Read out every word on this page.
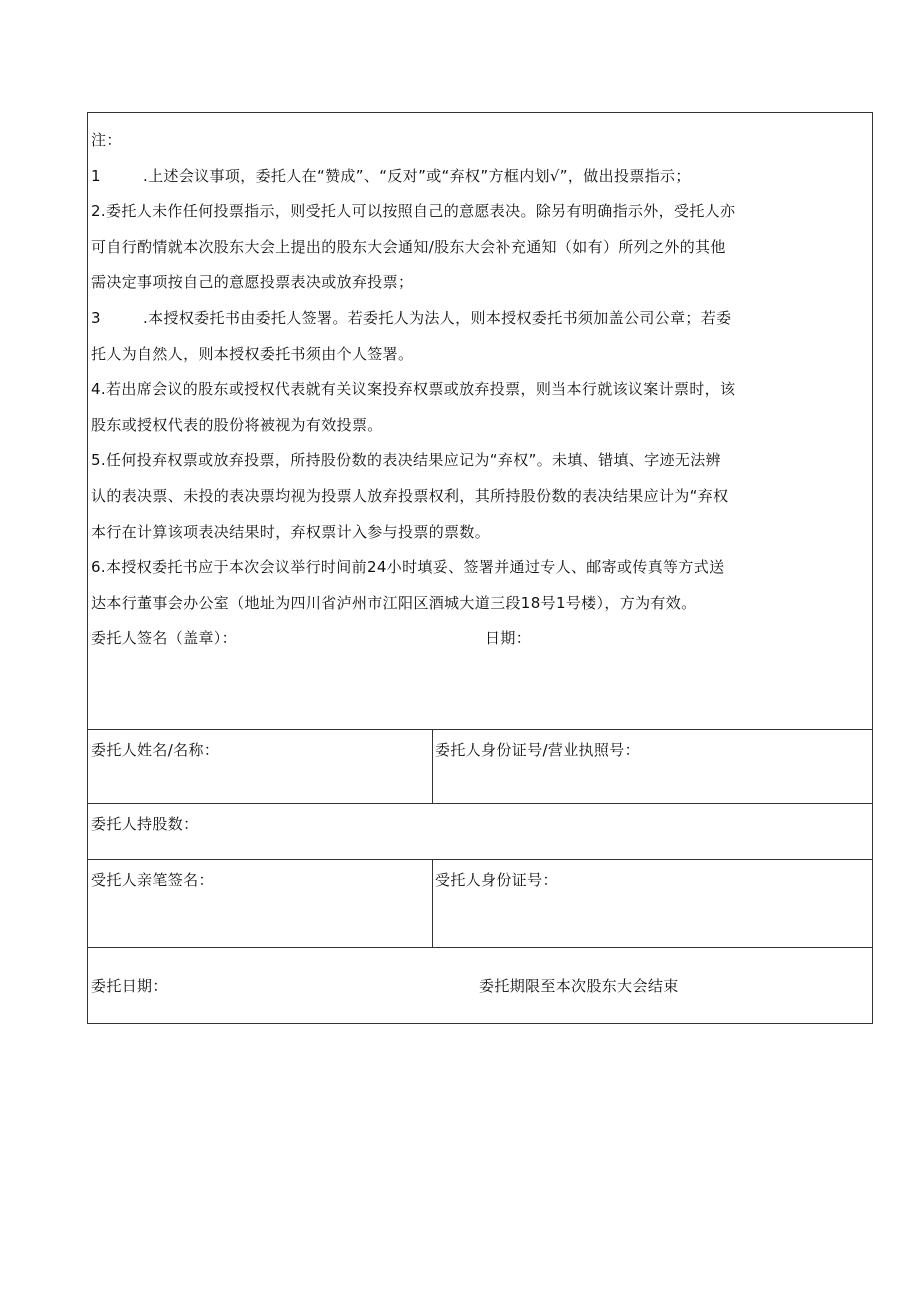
注：
1	.上述会议事项，委托人在“赞成”、“反对”或“弃权”方框内划√”，做出投票指示；
2.委托人未作任何投票指示，则受托人可以按照自己的意愿表决。除另有明确指示外，受托人亦
可自行酌情就本次股东大会上提出的股东大会通知/股东大会补充通知（如有）所列之外的其他
需决定事项按自己的意愿投票表决或放弃投票；
3	.本授权委托书由委托人签署。若委托人为法人，则本授权委托书须加盖公司公章；若委
托人为自然人，则本授权委托书须由个人签署。
4.若出席会议的股东或授权代表就有关议案投弃权票或放弃投票，则当本行就该议案计票时，该
股东或授权代表的股份将被视为有效投票。
5.任何投弃权票或放弃投票，所持股份数的表决结果应记为“弃权”。未填、错填、字迹无法辨
认的表决票、未投的表决票均视为投票人放弃投票权利，其所持股份数的表决结果应计为“弃权
本行在计算该项表决结果时，弃权票计入参与投票的票数。
6.本授权委托书应于本次会议举行时间前24小时填妥、签署并通过专人、邮寄或传真等方式送
达本行董事会办公室（地址为四川省泸州市江阳区酒城大道三段18号1号楼），方为有效。
委托人签名（盖章）：	日期：
委托人姓名/名称：	委托人身份证号/营业执照号：
委托人持股数：
受托人亲笔签名：	受托人身份证号：
委托日期：	委托期限至本次股东大会结束
